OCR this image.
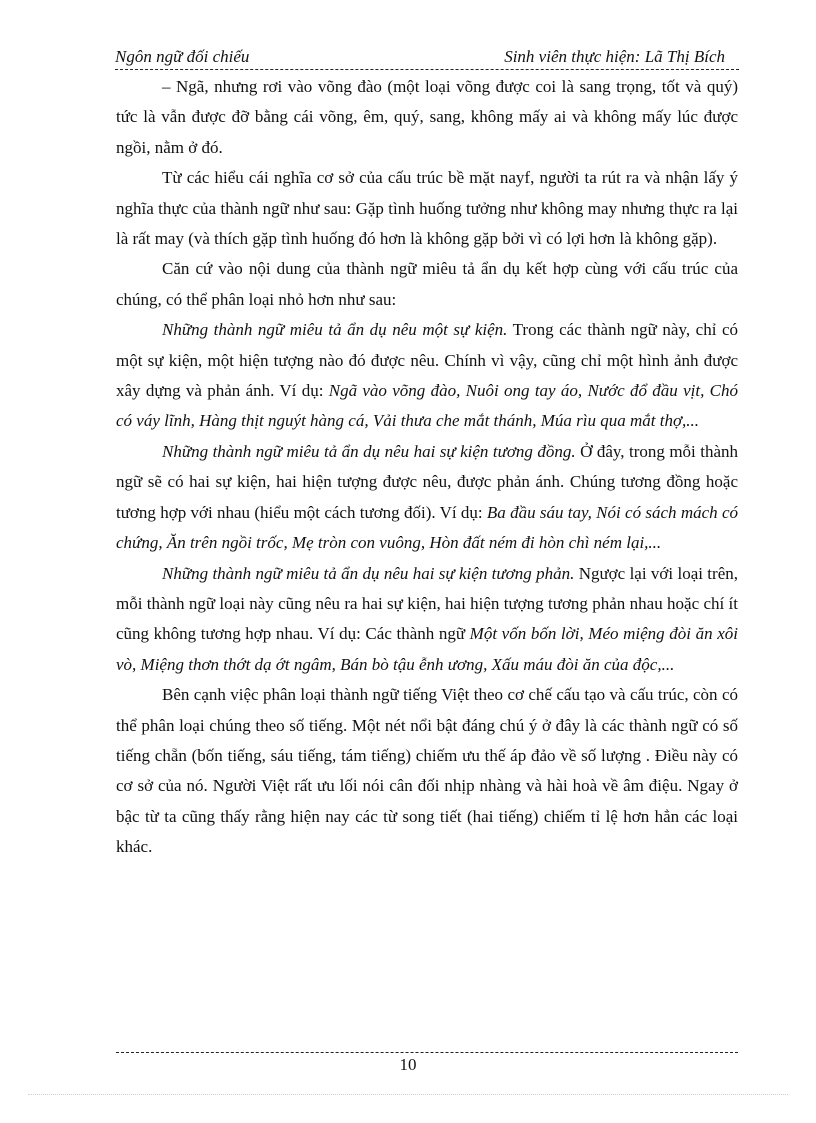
Ngôn ngữ đối chiếu	Sinh viên thực hiện: Lã Thị Bích

– Ngã, nhưng rơi vào võng đào (một loại võng được coi là sang trọng, tốt và quý) tức là vẫn được đỡ bằng cái võng, êm, quý, sang, không mấy ai và không mấy lúc được ngồi, nằm ở đó.

Từ các hiểu cái nghĩa cơ sở của cấu trúc bề mặt nayf, người ta rút ra và nhận lấy ý nghĩa thực của thành ngữ như sau: Gặp tình huống tưởng như không may nhưng thực ra lại là rất may (và thích gặp tình huống đó hơn là không gặp bởi vì có lợi hơn là không gặp).

Căn cứ vào nội dung của thành ngữ miêu tả ẩn dụ kết hợp cùng với cấu trúc của chúng, có thể phân loại nhỏ hơn như sau:

Những thành ngữ miêu tả ẩn dụ nêu một sự kiện. Trong các thành ngữ này, chỉ có một sự kiện, một hiện tượng nào đó được nêu. Chính vì vậy, cũng chỉ một hình ảnh được xây dựng và phản ánh. Ví dụ: Ngã vào võng đào, Nuôi ong tay áo, Nước đổ đầu vịt, Chó có váy lĩnh, Hàng thịt nguýt hàng cá, Vải thưa che mắt thánh, Múa rìu qua mắt thợ,...

Những thành ngữ miêu tả ẩn dụ nêu hai sự kiện tương đồng. Ở đây, trong mỗi thành ngữ sẽ có hai sự kiện, hai hiện tượng được nêu, được phản ánh. Chúng tương đồng hoặc tương hợp với nhau (hiểu một cách tương đối). Ví dụ: Ba đầu sáu tay, Nói có sách mách có chứng, Ăn trên ngồi trốc, Mẹ tròn con vuông, Hòn đất ném đi hòn chì ném lại,...

Những thành ngữ miêu tả ẩn dụ nêu hai sự kiện tương phản. Ngược lại với loại trên, mỗi thành ngữ loại này cũng nêu ra hai sự kiện, hai hiện tượng tương phản nhau hoặc chí ít cũng không tương hợp nhau. Ví dụ: Các thành ngữ Một vốn bốn lời, Méo miệng đòi ăn xôi vò, Miệng thơn thớt dạ ớt ngâm, Bán bò tậu ễnh ương, Xấu máu đòi ăn của độc,...

Bên cạnh việc phân loại thành ngữ tiếng Việt theo cơ chế cấu tạo và cấu trúc, còn có thể phân loại chúng theo số tiếng. Một nét nổi bật đáng chú ý ở đây là các thành ngữ có số tiếng chẵn (bốn tiếng, sáu tiếng, tám tiếng) chiếm ưu thế áp đảo về số lượng . Điều này có cơ sở của nó. Người Việt rất ưu lối nói cân đối nhịp nhàng và hài hoà về âm điệu. Ngay ở bậc từ ta cũng thấy rằng hiện nay các từ song tiết (hai tiếng) chiếm tỉ lệ hơn hẳn các loại khác.

10
